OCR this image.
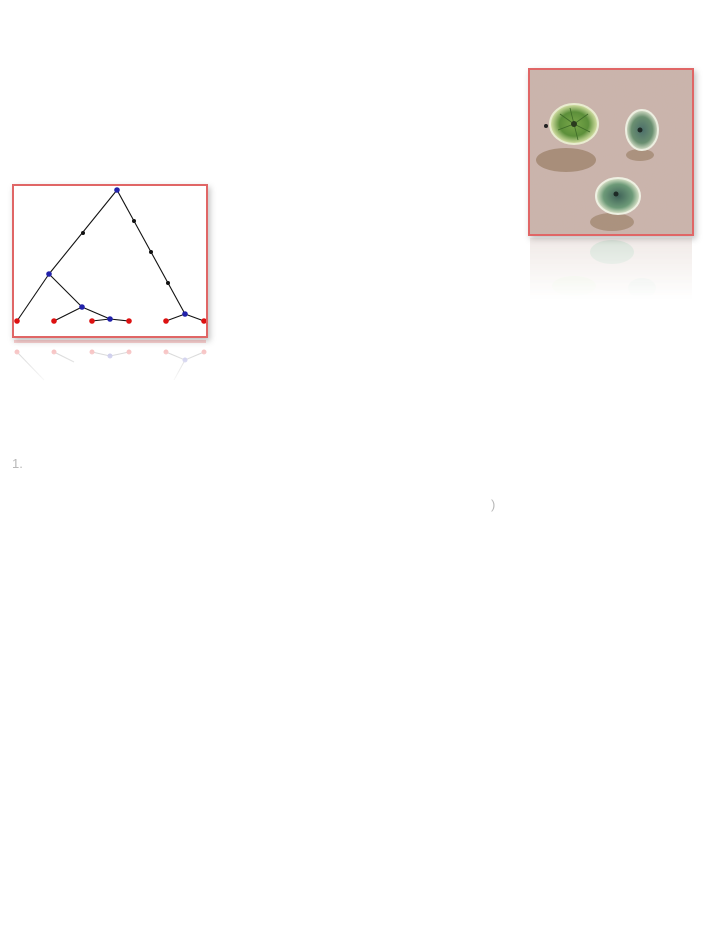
1.
)
